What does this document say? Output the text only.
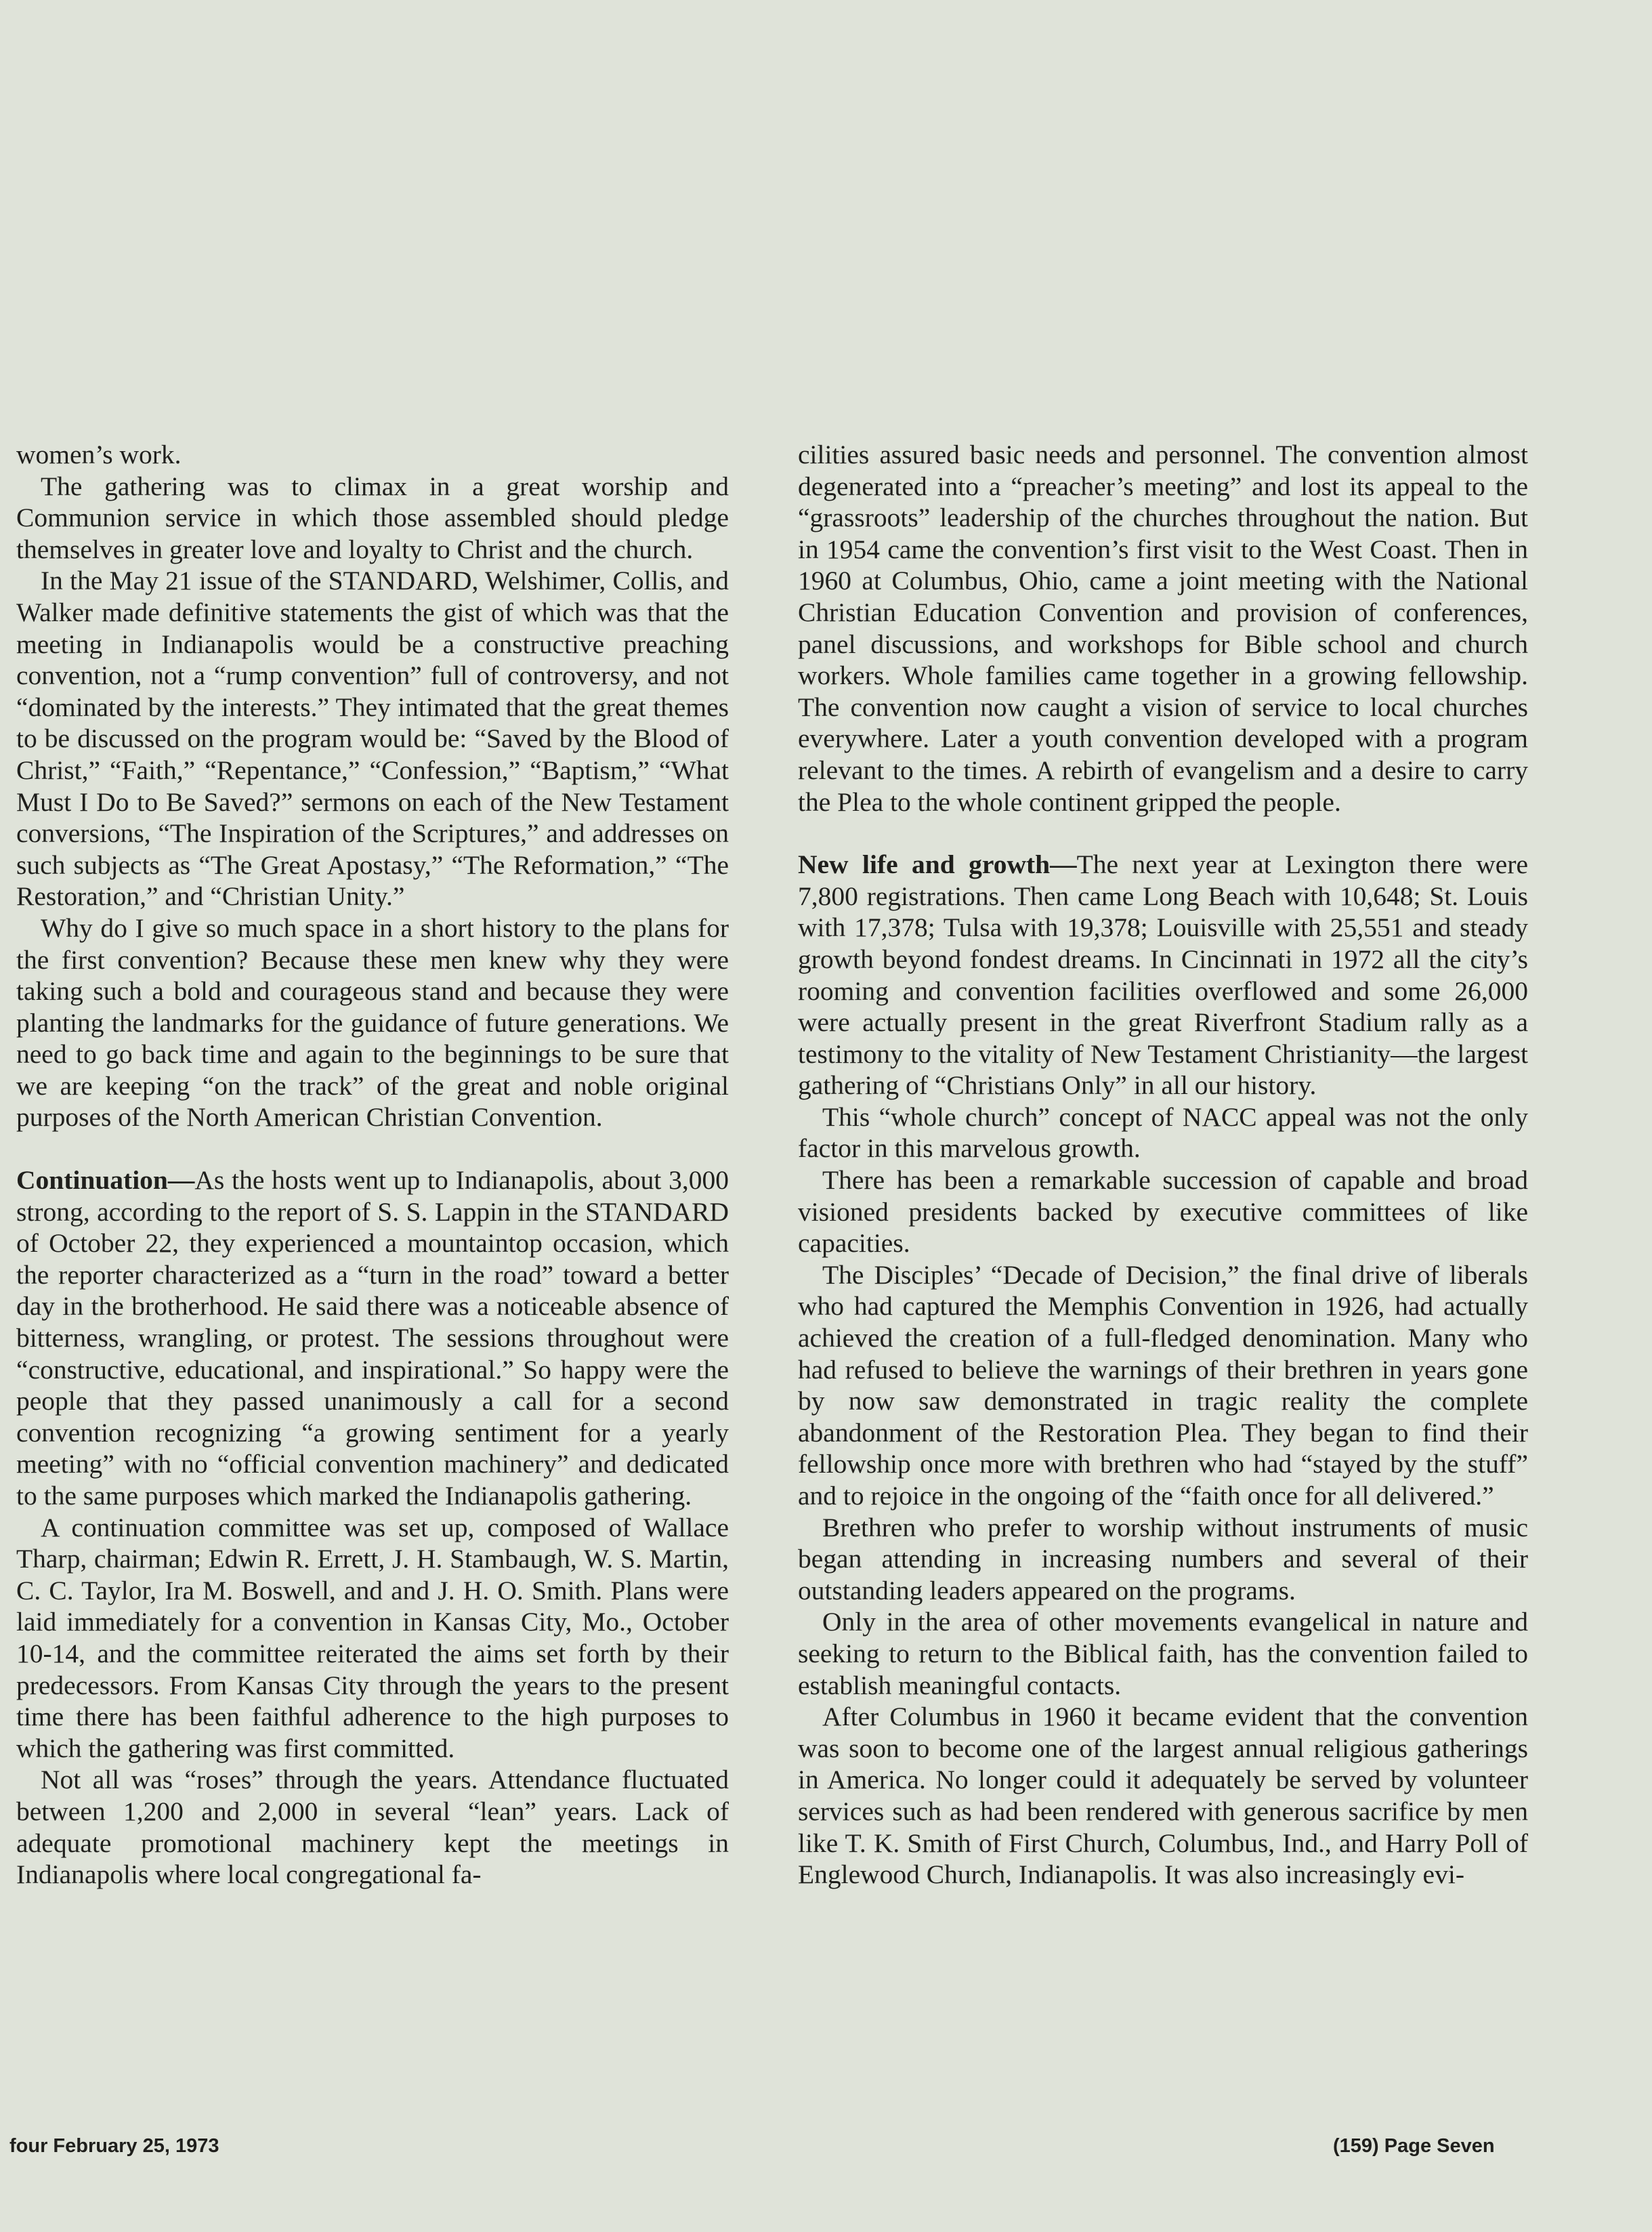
women’s work.

The gathering was to climax in a great worship and Communion service in which those assembled should pledge themselves in greater love and loyalty to Christ and the church.

In the May 21 issue of the STANDARD, Welshimer, Collis, and Walker made definitive statements the gist of which was that the meeting in Indianapolis would be a constructive preaching convention, not a “rump convention” full of controversy, and not “dominated by the interests.” They intimated that the great themes to be discussed on the program would be: “Saved by the Blood of Christ,” “Faith,” “Repentance,” “Confession,” “Baptism,” “What Must I Do to Be Saved?” sermons on each of the New Testament conversions, “The Inspiration of the Scriptures,” and addresses on such subjects as “The Great Apostasy,” “The Reformation,” “The Restoration,” and “Christian Unity.”

Why do I give so much space in a short history to the plans for the first convention? Because these men knew why they were taking such a bold and courageous stand and because they were planting the landmarks for the guidance of future generations. We need to go back time and again to the beginnings to be sure that we are keeping “on the track” of the great and noble original purposes of the North American Christian Convention.

Continuation—As the hosts went up to Indianapolis, about 3,000 strong, according to the report of S. S. Lappin in the STANDARD of October 22, they experienced a mountaintop occasion, which the reporter characterized as a “turn in the road” toward a better day in the brotherhood. He said there was a noticeable absence of bitterness, wrangling, or protest. The sessions throughout were “constructive, educational, and inspirational.” So happy were the people that they passed unanimously a call for a second convention recognizing “a growing sentiment for a yearly meeting” with no “official convention machinery” and dedicated to the same purposes which marked the Indianapolis gathering.

A continuation committee was set up, composed of Wallace Tharp, chairman; Edwin R. Errett, J. H. Stambaugh, W. S. Martin, C. C. Taylor, Ira M. Boswell, and and J. H. O. Smith. Plans were laid immediately for a convention in Kansas City, Mo., October 10-14, and the committee reiterated the aims set forth by their predecessors. From Kansas City through the years to the present time there has been faithful adherence to the high purposes to which the gathering was first committed.

Not all was “roses” through the years. Attendance fluctuated between 1,200 and 2,000 in several “lean” years. Lack of adequate promotional machinery kept the meetings in Indianapolis where local congregational fa-

cilities assured basic needs and personnel. The convention almost degenerated into a “preacher’s meeting” and lost its appeal to the “grassroots” leadership of the churches throughout the nation. But in 1954 came the convention’s first visit to the West Coast. Then in 1960 at Columbus, Ohio, came a joint meeting with the National Christian Education Convention and provision of conferences, panel discussions, and workshops for Bible school and church workers. Whole families came together in a growing fellowship. The convention now caught a vision of service to local churches everywhere. Later a youth convention developed with a program relevant to the times. A rebirth of evangelism and a desire to carry the Plea to the whole continent gripped the people.

New life and growth—The next year at Lexington there were 7,800 registrations. Then came Long Beach with 10,648; St. Louis with 17,378; Tulsa with 19,378; Louisville with 25,551 and steady growth beyond fondest dreams. In Cincinnati in 1972 all the city’s rooming and convention facilities overflowed and some 26,000 were actually present in the great Riverfront Stadium rally as a testimony to the vitality of New Testament Christianity—the largest gathering of “Christians Only” in all our history.

This “whole church” concept of NACC appeal was not the only factor in this marvelous growth.

There has been a remarkable succession of capable and broad visioned presidents backed by executive committees of like capacities.

The Disciples’ “Decade of Decision,” the final drive of liberals who had captured the Memphis Convention in 1926, had actually achieved the creation of a full-fledged denomination. Many who had refused to believe the warnings of their brethren in years gone by now saw demonstrated in tragic reality the complete abandonment of the Restoration Plea. They began to find their fellowship once more with brethren who had “stayed by the stuff” and to rejoice in the ongoing of the “faith once for all delivered.”

Brethren who prefer to worship without instruments of music began attending in increasing numbers and several of their outstanding leaders appeared on the programs.

Only in the area of other movements evangelical in nature and seeking to return to the Biblical faith, has the convention failed to establish meaningful contacts.

After Columbus in 1960 it became evident that the convention was soon to become one of the largest annual religious gatherings in America. No longer could it adequately be served by volunteer services such as had been rendered with generous sacrifice by men like T. K. Smith of First Church, Columbus, Ind., and Harry Poll of Englewood Church, Indianapolis. It was also increasingly evi-

four February 25, 1973	(159) Page Seven
